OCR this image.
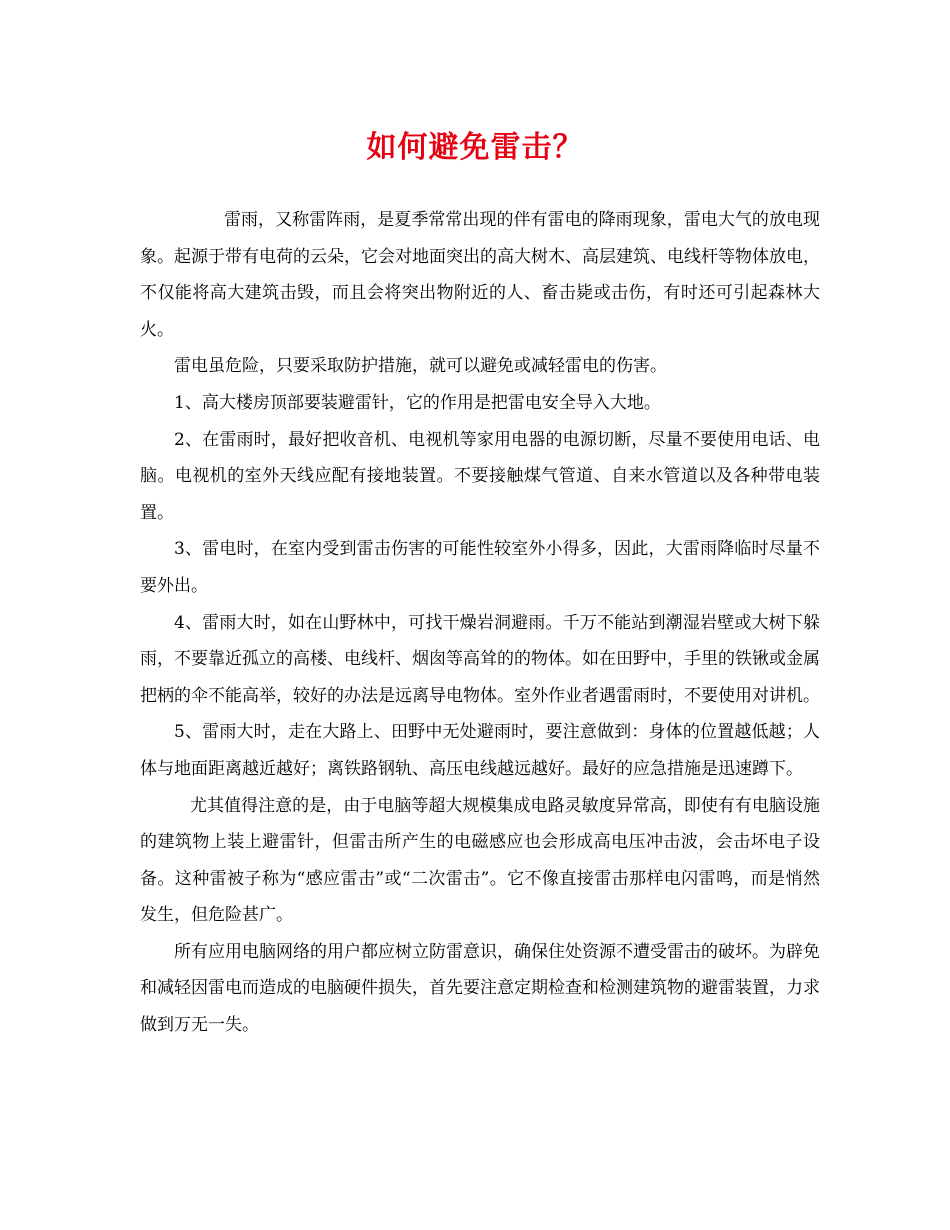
如何避免雷击？

雷雨，又称雷阵雨，是夏季常常出现的伴有雷电的降雨现象，雷电大气的放电现象。起源于带有电荷的云朵，它会对地面突出的高大树木、高层建筑、电线杆等物体放电，不仅能将高大建筑击毁，而且会将突出物附近的人、畜击毙或击伤，有时还可引起森林大火。

雷电虽危险，只要采取防护措施，就可以避免或减轻雷电的伤害。

1、高大楼房顶部要装避雷针，它的作用是把雷电安全导入大地。

2、在雷雨时，最好把收音机、电视机等家用电器的电源切断，尽量不要使用电话、电脑。电视机的室外天线应配有接地装置。不要接触煤气管道、自来水管道以及各种带电装置。

3、雷电时，在室内受到雷击伤害的可能性较室外小得多，因此，大雷雨降临时尽量不要外出。

4、雷雨大时，如在山野林中，可找干燥岩洞避雨。千万不能站到潮湿岩壁或大树下躲雨，不要靠近孤立的高楼、电线杆、烟囱等高耸的的物体。如在田野中，手里的铁锹或金属把柄的伞不能高举，较好的办法是远离导电物体。室外作业者遇雷雨时，不要使用对讲机。

5、雷雨大时，走在大路上、田野中无处避雨时，要注意做到：身体的位置越低越；人体与地面距离越近越好；离铁路钢轨、高压电线越远越好。最好的应急措施是迅速蹲下。

尤其值得注意的是，由于电脑等超大规模集成电路灵敏度异常高，即使有有电脑设施的建筑物上装上避雷针，但雷击所产生的电磁感应也会形成高电压冲击波，会击坏电子设备。这种雷被子称为“感应雷击”或“二次雷击”。它不像直接雷击那样电闪雷鸣，而是悄然发生，但危险甚广。

所有应用电脑网络的用户都应树立防雷意识，确保住处资源不遭受雷击的破坏。为辟免和减轻因雷电而造成的电脑硬件损失，首先要注意定期检查和检测建筑物的避雷装置，力求做到万无一失。
